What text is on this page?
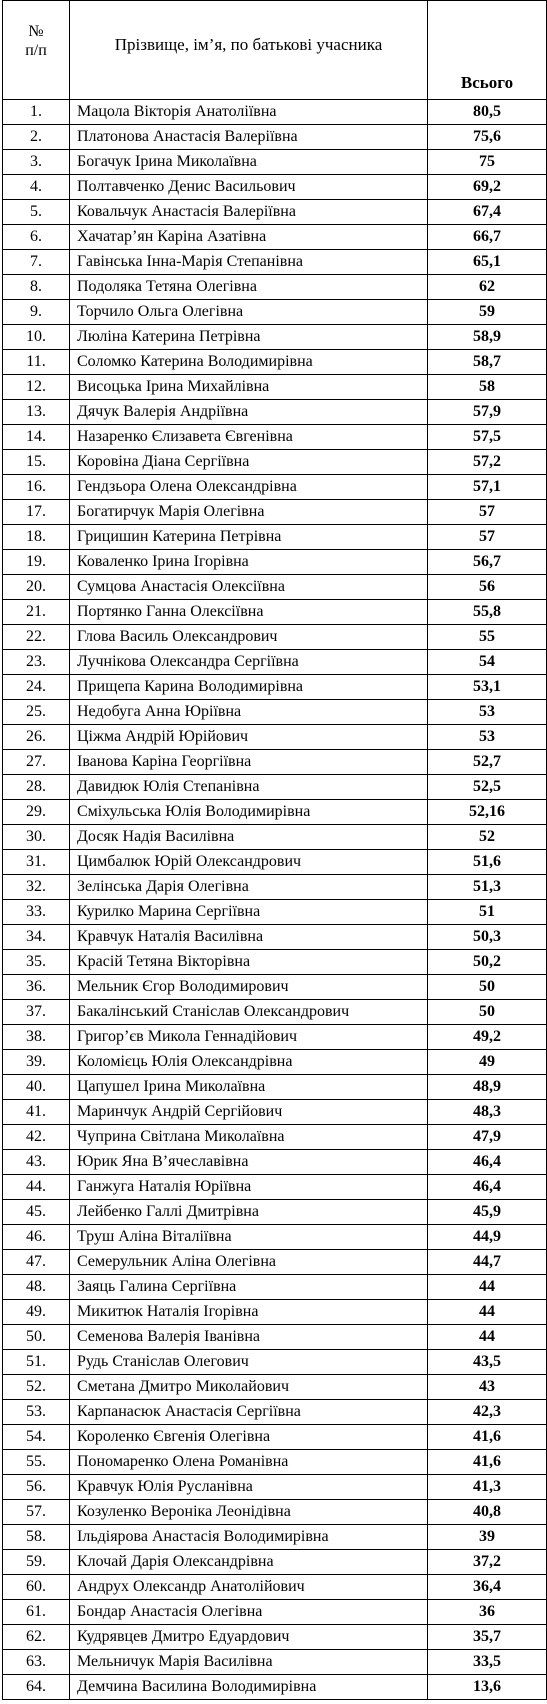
№
п/п	Прізвище, ім’я, по батькові учасника	Всього
1.	Мацола Вікторія Анатоліївна	80,5
2.	Платонова Анастасія Валеріївна	75,6
3.	Богачук Ірина Миколаївна	75
4.	Полтавченко Денис Васильович	69,2
5.	Ковальчук Анастасія Валеріївна	67,4
6.	Хачатар’ян Каріна Азатівна	66,7
7.	Гавінська Інна-Марія Степанівна	65,1
8.	Подоляка Тетяна Олегівна	62
9.	Торчило Ольга Олегівна	59
10.	Люліна Катерина Петрівна	58,9
11.	Соломко Катерина Володимирівна	58,7
12.	Висоцька Ірина Михайлівна	58
13.	Дячук Валерія Андріївна	57,9
14.	Назаренко Єлизавета Євгенівна	57,5
15.	Коровіна Діана Сергіївна	57,2
16.	Гендзьора Олена Олександрівна	57,1
17.	Богатирчук Марія Олегівна	57
18.	Грицишин Катерина Петрівна	57
19.	Коваленко Ірина Ігорівна	56,7
20.	Сумцова Анастасія Олексіївна	56
21.	Портянко Ганна Олексіївна	55,8
22.	Глова Василь Олександрович	55
23.	Лучнікова Олександра Сергіївна	54
24.	Прищепа Карина Володимирівна	53,1
25.	Недобуга Анна Юріївна	53
26.	Ціжма Андрій Юрійович	53
27.	Іванова Каріна Георгіївна	52,7
28.	Давидюк Юлія Степанівна	52,5
29.	Сміхульська Юлія Володимирівна	52,16
30.	Досяк Надія Василівна	52
31.	Цимбалюк Юрій Олександрович	51,6
32.	Зелінська Дарія Олегівна	51,3
33.	Курилко Марина Сергіївна	51
34.	Кравчук Наталія Василівна	50,3
35.	Красій Тетяна Вікторівна	50,2
36.	Мельник Єгор Володимирович	50
37.	Бакалінський Станіслав Олександрович	50
38.	Григор’єв Микола Геннадійович	49,2
39.	Коломієць Юлія Олександрівна	49
40.	Цапушел Ірина Миколаївна	48,9
41.	Маринчук Андрій Сергійович	48,3
42.	Чуприна Світлана Миколаївна	47,9
43.	Юрик Яна В’ячеславівна	46,4
44.	Ганжуга Наталія Юріївна	46,4
45.	Лейбенко Галлі Дмитрівна	45,9
46.	Труш Аліна Віталіївна	44,9
47.	Семерульник Аліна Олегівна	44,7
48.	Заяць Галина Сергіївна	44
49.	Микитюк Наталія Ігорівна	44
50.	Семенова Валерія Іванівна	44
51.	Рудь Станіслав Олегович	43,5
52.	Сметана Дмитро Миколайович	43
53.	Карпанасюк Анастасія Сергіївна	42,3
54.	Короленко Євгенія Олегівна	41,6
55.	Пономаренко Олена Романівна	41,6
56.	Кравчук Юлія Русланівна	41,3
57.	Козуленко Вероніка Леонідівна	40,8
58.	Ільдіярова Анастасія Володимирівна	39
59.	Клочай Дарія Олександрівна	37,2
60.	Андрух Олександр Анатолійович	36,4
61.	Бондар Анастасія Олегівна	36
62.	Кудрявцев Дмитро Едуардович	35,7
63.	Мельничук Марія Василівна	33,5
64.	Демчина Василина Володимирівна	13,6
